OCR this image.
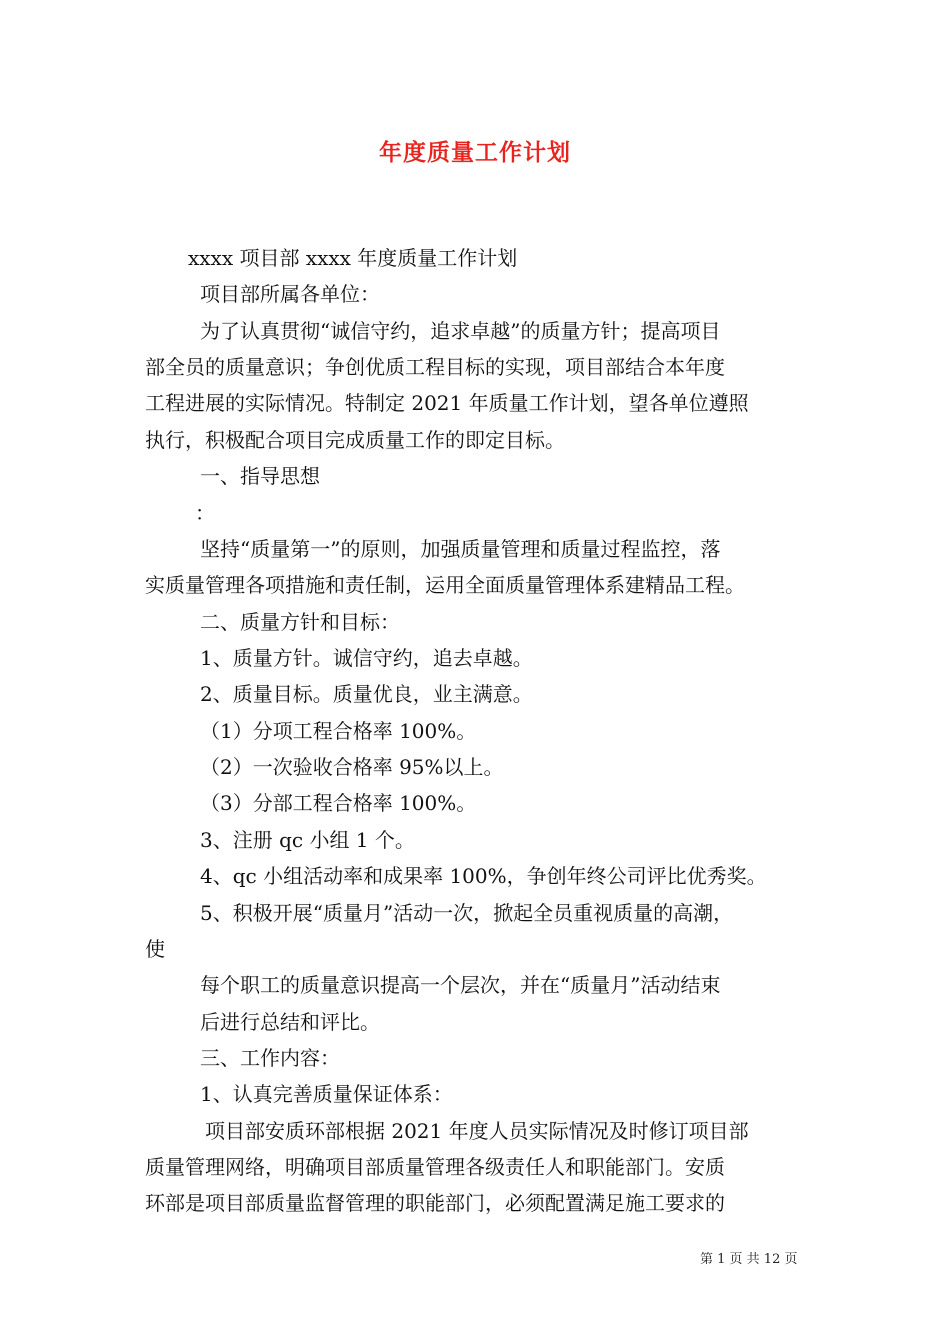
年度质量工作计划
xxxx 项目部 xxxx 年度质量工作计划
项目部所属各单位：
为了认真贯彻“诚信守约，追求卓越”的质量方针；提高项目
部全员的质量意识；争创优质工程目标的实现，项目部结合本年度
工程进展的实际情况。特制定 2021 年质量工作计划，望各单位遵照
执行，积极配合项目完成质量工作的即定目标。
一、指导思想
：
坚持“质量第一”的原则，加强质量管理和质量过程监控，落
实质量管理各项措施和责任制，运用全面质量管理体系建精品工程。
二、质量方针和目标：
1、质量方针。诚信守约，追去卓越。
2、质量目标。质量优良，业主满意。
（1）分项工程合格率 100%。
（2）一次验收合格率 95%以上。
（3）分部工程合格率 100%。
3、注册 qc 小组 1 个。
4、qc 小组活动率和成果率 100%，争创年终公司评比优秀奖。
5、积极开展“质量月”活动一次，掀起全员重视质量的高潮，
使
每个职工的质量意识提高一个层次，并在“质量月”活动结束
后进行总结和评比。
三、工作内容：
1、认真完善质量保证体系：
项目部安质环部根据 2021 年度人员实际情况及时修订项目部
质量管理网络，明确项目部质量管理各级责任人和职能部门。安质
环部是项目部质量监督管理的职能部门，必须配置满足施工要求的
第 1 页 共 12 页
